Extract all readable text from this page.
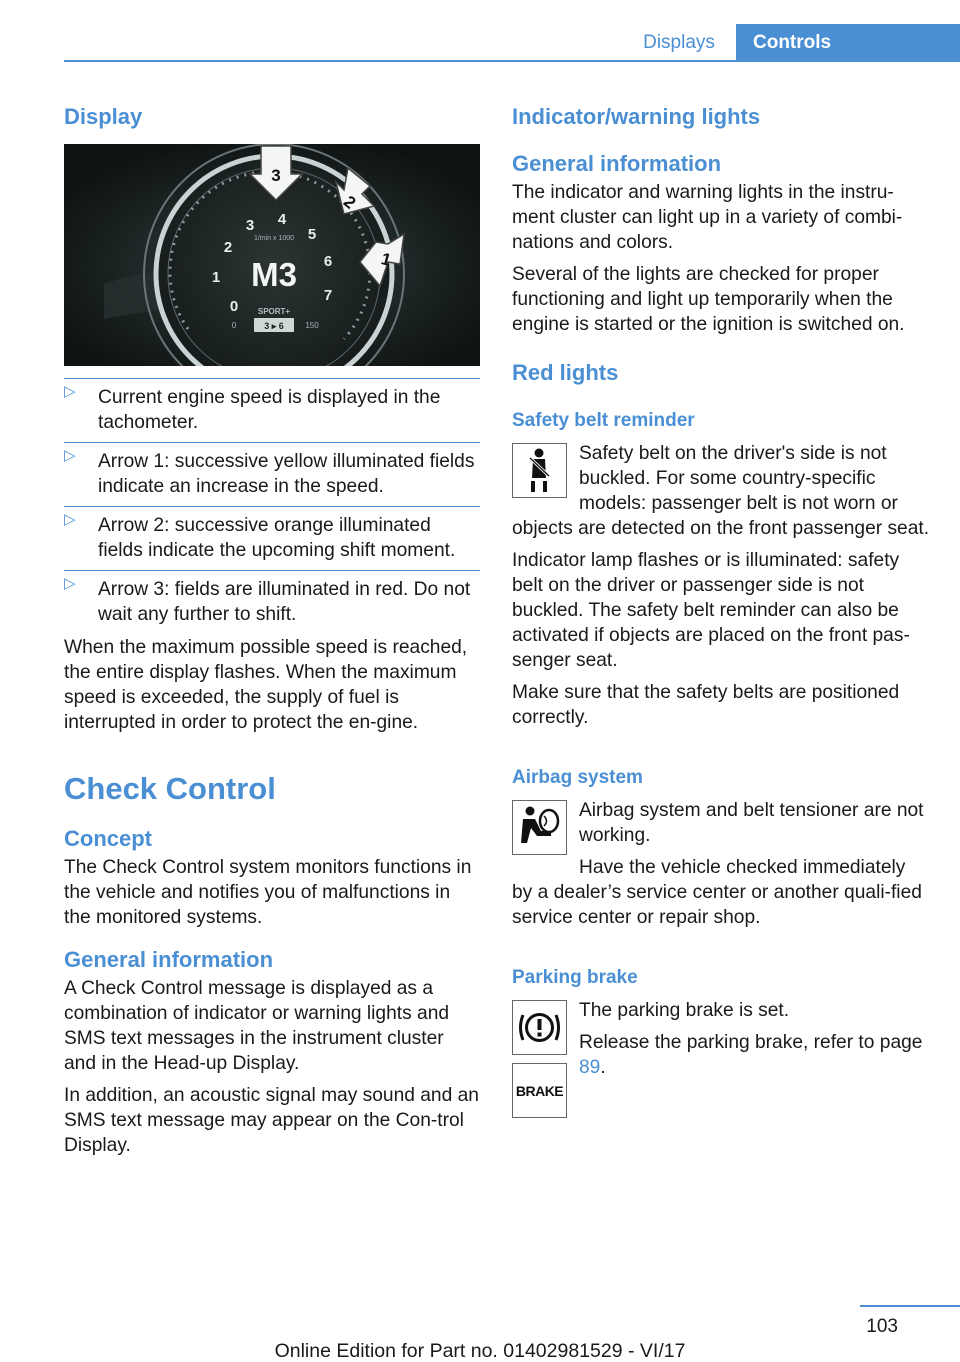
Displays	Controls
Display
0
1
2
3 4
5
6
7
1/min x 1000
M3
SPORT+
3 ▸ 6
0	150
3
2
1
▷ Current engine speed is displayed in the tachometer.
▷ Arrow 1: successive yellow illuminated fields indicate an increase in the speed.
▷ Arrow 2: successive orange illuminated fields indicate the upcoming shift moment.
▷ Arrow 3: fields are illuminated in red. Do not wait any further to shift.

When the maximum possible speed is reached, the entire display flashes. When the maximum speed is exceeded, the supply of fuel is interrupted in order to protect the en‐gine.

Check Control
Concept

The Check Control system monitors functions in the vehicle and notifies you of malfunctions in the monitored systems.

General information

A Check Control message is displayed as a combination of indicator or warning lights and SMS text messages in the instrument cluster and in the Head-up Display.

In addition, an acoustic signal may sound and an SMS text message may appear on the Con‐trol Display.

Indicator/warning lights
General information

The indicator and warning lights in the instru‐ment cluster can light up in a variety of combi‐nations and colors.

Several of the lights are checked for proper functioning and light up temporarily when the engine is started or the ignition is switched on.

Red lights
Safety belt reminder

Safety belt on the driver's side is not buckled. For some country-specific models: passenger belt is not worn or

objects are detected on the front passenger seat.

Indicator lamp flashes or is illuminated: safety belt on the driver or passenger side is not buckled. The safety belt reminder can also be activated if objects are placed on the front pas‐senger seat.

Make sure that the safety belts are positioned correctly.

Airbag system

Airbag system and belt tensioner are not working.

Have the vehicle checked immediately

by a dealer’s service center or another quali‐fied service center or repair shop.

Parking brake
BRAKE

The parking brake is set.

Release the parking brake, refer to page 89.

103
Online Edition for Part no. 01402981529 - VI/17
